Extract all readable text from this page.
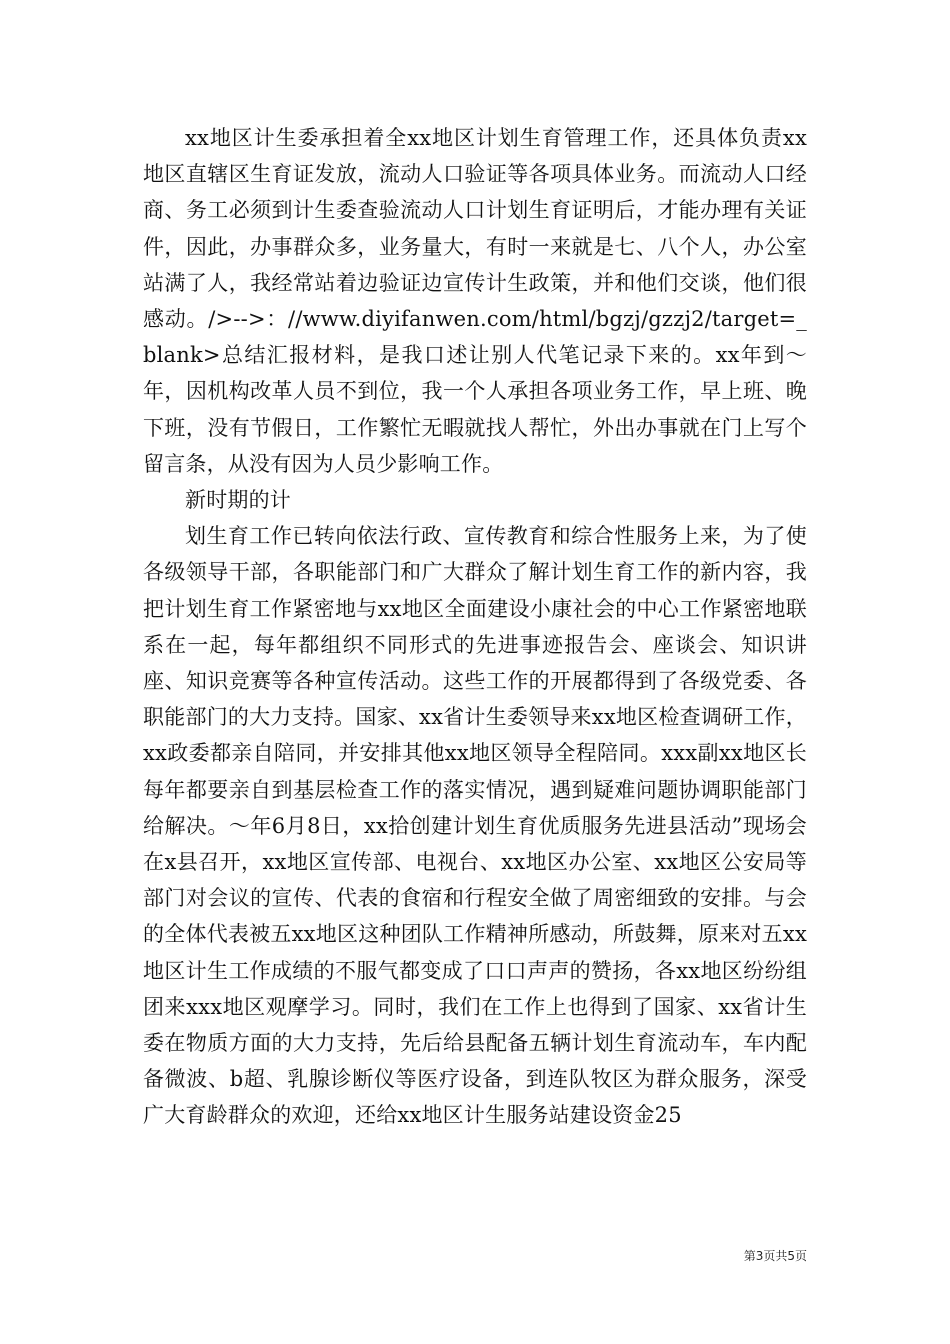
xx地区计生委承担着全xx地区计划生育管理工作，还具体负责xx地区直辖区生育证发放，流动人口验证等各项具体业务。而流动人口经商、务工必须到计生委查验流动人口计划生育证明后，才能办理有关证件，因此，办事群众多，业务量大，有时一来就是七、八个人，办公室站满了人，我经常站着边验证边宣传计生政策，并和他们交谈，他们很感动。/>-->：//www.diyifanwen.com/html/bgzj/gzzj2/target=_blank>总结汇报材料，是我口述让别人代笔记录下来的。xx年到～年，因机构改革人员不到位，我一个人承担各项业务工作，早上班、晚下班，没有节假日，工作繁忙无暇就找人帮忙，外出办事就在门上写个留言条，从没有因为人员少影响工作。

新时期的计

划生育工作已转向依法行政、宣传教育和综合性服务上来，为了使各级领导干部，各职能部门和广大群众了解计划生育工作的新内容，我把计划生育工作紧密地与xx地区全面建设小康社会的中心工作紧密地联系在一起，每年都组织不同形式的先进事迹报告会、座谈会、知识讲座、知识竞赛等各种宣传活动。这些工作的开展都得到了各级党委、各职能部门的大力支持。国家、xx省计生委领导来xx地区检查调研工作，xx政委都亲自陪同，并安排其他xx地区领导全程陪同。xxx副xx地区长每年都要亲自到基层检查工作的落实情况，遇到疑难问题协调职能部门给解决。～年6月8日，xx拾创建计划生育优质服务先进县活动”现场会在x县召开，xx地区宣传部、电视台、xx地区办公室、xx地区公安局等部门对会议的宣传、代表的食宿和行程安全做了周密细致的安排。与会的全体代表被五xx地区这种团队工作精神所感动，所鼓舞，原来对五xx地区计生工作成绩的不服气都变成了口口声声的赞扬，各xx地区纷纷组团来xxx地区观摩学习。同时，我们在工作上也得到了国家、xx省计生委在物质方面的大力支持，先后给县配备五辆计划生育流动车，车内配备微波、b超、乳腺诊断仪等医疗设备，到连队牧区为群众服务，深受广大育龄群众的欢迎，还给xx地区计生服务站建设资金25

第3页共5页
